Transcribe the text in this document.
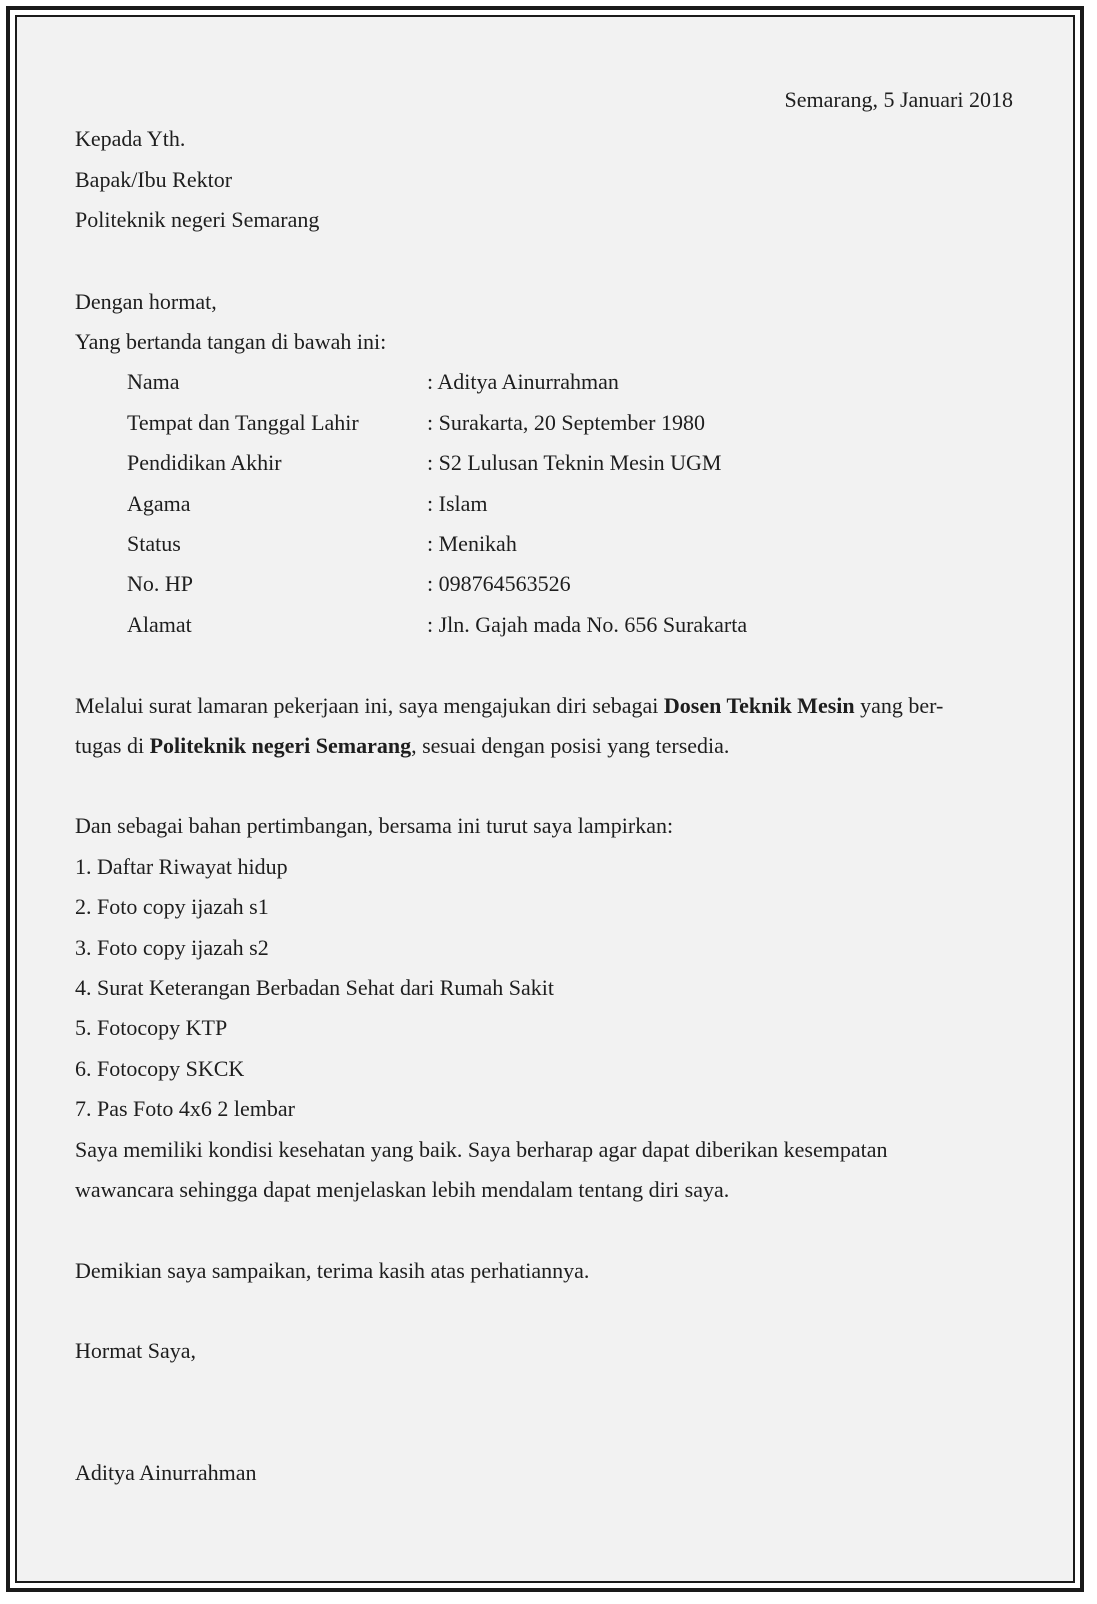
Semarang, 5 Januari 2018
Kepada Yth.
Bapak/Ibu Rektor
Politeknik negeri Semarang
Dengan hormat,
Yang bertanda tangan di bawah ini:
Nama	: Aditya Ainurrahman
Tempat dan Tanggal Lahir	: Surakarta, 20 September 1980
Pendidikan Akhir	: S2 Lulusan Teknin Mesin UGM
Agama	: Islam
Status	: Menikah
No. HP	: 098764563526
Alamat	: Jln. Gajah mada No. 656 Surakarta
Melalui surat lamaran pekerjaan ini, saya mengajukan diri sebagai Dosen Teknik Mesin yang ber-
tugas di Politeknik negeri Semarang, sesuai dengan posisi yang tersedia.
Dan sebagai bahan pertimbangan, bersama ini turut saya lampirkan:
1. Daftar Riwayat hidup
2. Foto copy ijazah s1
3. Foto copy ijazah s2
4. Surat Keterangan Berbadan Sehat dari Rumah Sakit
5. Fotocopy KTP
6. Fotocopy SKCK
7. Pas Foto 4x6 2 lembar
Saya memiliki kondisi kesehatan yang baik. Saya berharap agar dapat diberikan kesempatan
wawancara sehingga dapat menjelaskan lebih mendalam tentang diri saya.
Demikian saya sampaikan, terima kasih atas perhatiannya.
Hormat Saya,
Aditya Ainurrahman
